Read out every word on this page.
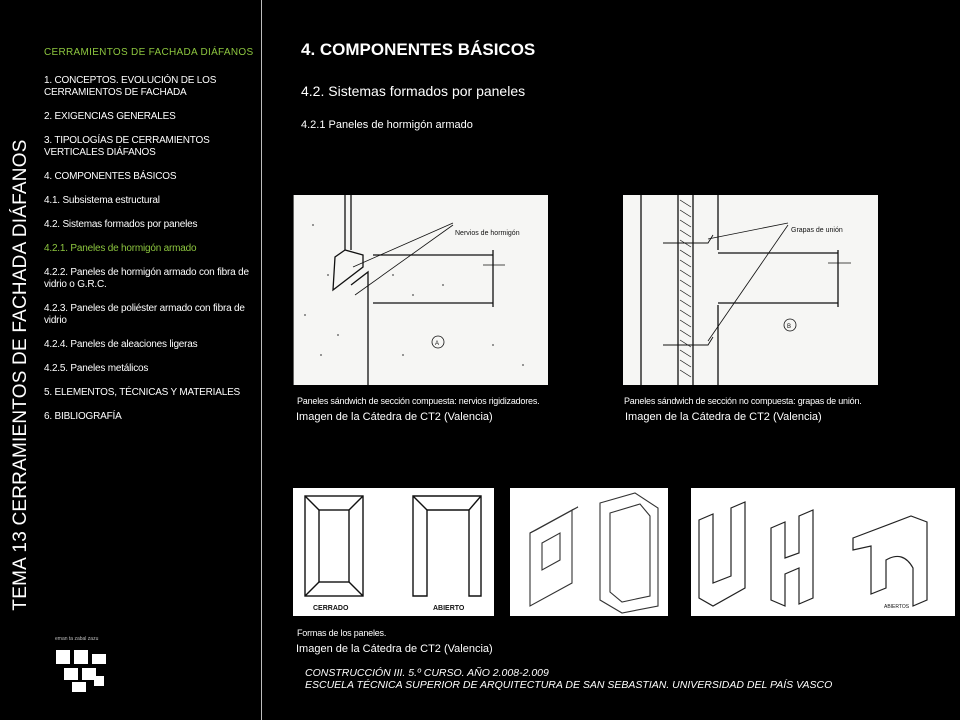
TEMA 13 CERRAMIENTOS DE FACHADA DIÁFANOS
CERRAMIENTOS DE FACHADA DIÁFANOS
1. CONCEPTOS. EVOLUCIÓN DE LOS CERRAMIENTOS DE FACHADA
2. EXIGENCIAS GENERALES
3. TIPOLOGÍAS DE CERRAMIENTOS VERTICALES DIÁFANOS
4. COMPONENTES BÁSICOS
4.1. Subsistema estructural
4.2. Sistemas formados por paneles
4.2.1. Paneles de hormigón armado
4.2.2. Paneles de hormigón armado con fibra de vidrio o G.R.C.
4.2.3. Paneles de poliéster armado con fibra de vidrio
4.2.4. Paneles de aleaciones ligeras
4.2.5. Paneles metálicos
5. ELEMENTOS, TÉCNICAS Y MATERIALES
6. BIBLIOGRAFÍA
4. COMPONENTES BÁSICOS
4.2. Sistemas formados por paneles
4.2.1 Paneles de hormigón armado
Nervios de hormigón
A
Grapas de unión
B
Paneles sándwich de sección compuesta: nervios rigidizadores.
Imagen de la Cátedra de CT2 (Valencia)
Paneles sándwich de sección no compuesta: grapas de unión.
Imagen de la Cátedra de CT2 (Valencia)
CERRADO	ABIERTO	ABIERTOS
Formas de los paneles.
Imagen de la Cátedra de CT2 (Valencia)
CONSTRUCCIÓN III. 5.º CURSO. AÑO 2.008-2.009
ESCUELA TÉCNICA SUPERIOR DE ARQUITECTURA DE SAN SEBASTIAN. UNIVERSIDAD DEL PAÍS VASCO
eman ta zabal zazu
